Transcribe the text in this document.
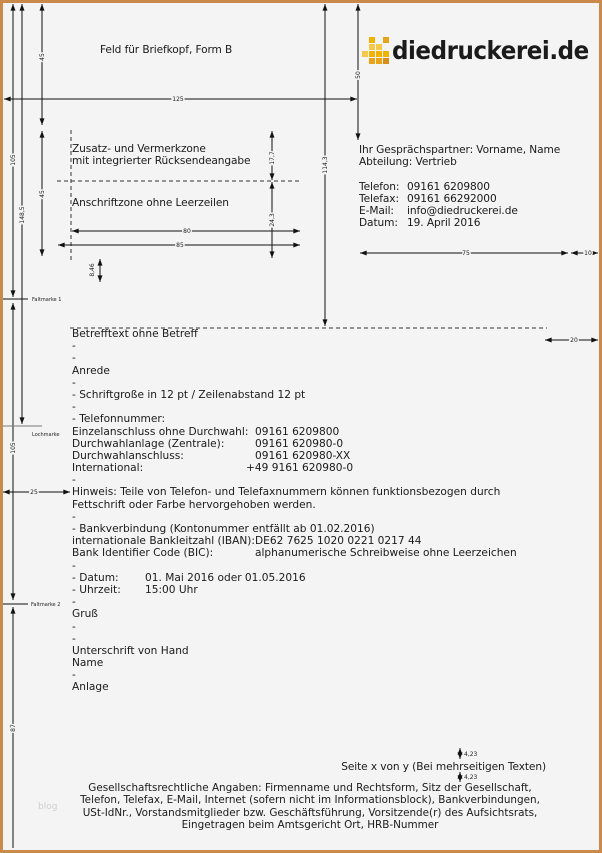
105
148,5
45
45
105
87
Faltmarke 1
Lochmarke
Faltmarke 2
125
114,3
50
17,7
24,3
80
85
8,46
75	10
20
25
4,23
4,23
Feld für Briefkopf, Form B	diedruckerei.de
Zusatz- und Vermerkzone
mit integrierter Rücksendeangabe
Anschriftzone ohne Leerzeilen
Ihr Gesprächspartner: Vorname, Name
Abteilung: Vertrieb
Telefon: 09161 6209800
Telefax: 09161 66292000
E-Mail: info@diedruckerei.de
Datum: 19. April 2016
Betrefftext ohne Betreff
-
-
Anrede
-
- Schriftgroße in 12 pt / Zeilenabstand 12 pt
-
- Telefonnummer:
Einzelanschluss ohne Durchwahl: 09161 6209800
Durchwahlanlage (Zentrale):	09161 620980-0
Durchwahlanschluss:	09161 620980-XX
International:	+49 9161 620980-0
-
Hinweis: Teile von Telefon- und Telefaxnummern können funktionsbezogen durch
Fettschrift oder Farbe hervorgehoben werden.
-
- Bankverbindung (Kontonummer entfällt ab 01.02.2016)
internationale Bankleitzahl (IBAN): DE62 7625 1020 0221 0217 44
Bank Identifier Code (BIC):	alphanumerische Schreibweise ohne Leerzeichen
-
- Datum: 01. Mai 2016 oder 01.05.2016
- Uhrzeit: 15:00 Uhr
-
Gruß
-
-
Unterschrift von Hand
Name
-
Anlage
Seite x von y (Bei mehrseitigen Texten)
Gesellschaftsrechtliche Angaben: Firmenname und Rechtsform, Sitz der Gesellschaft,
Telefon, Telefax, E-Mail, Internet (sofern nicht im Informationsblock), Bankverbindungen,
USt-IdNr., Vorstandsmitglieder bzw. Geschäftsführung, Vorsitzende(r) des Aufsichtsrats,
Eingetragen beim Amtsgericht Ort, HRB-Nummer
blog
